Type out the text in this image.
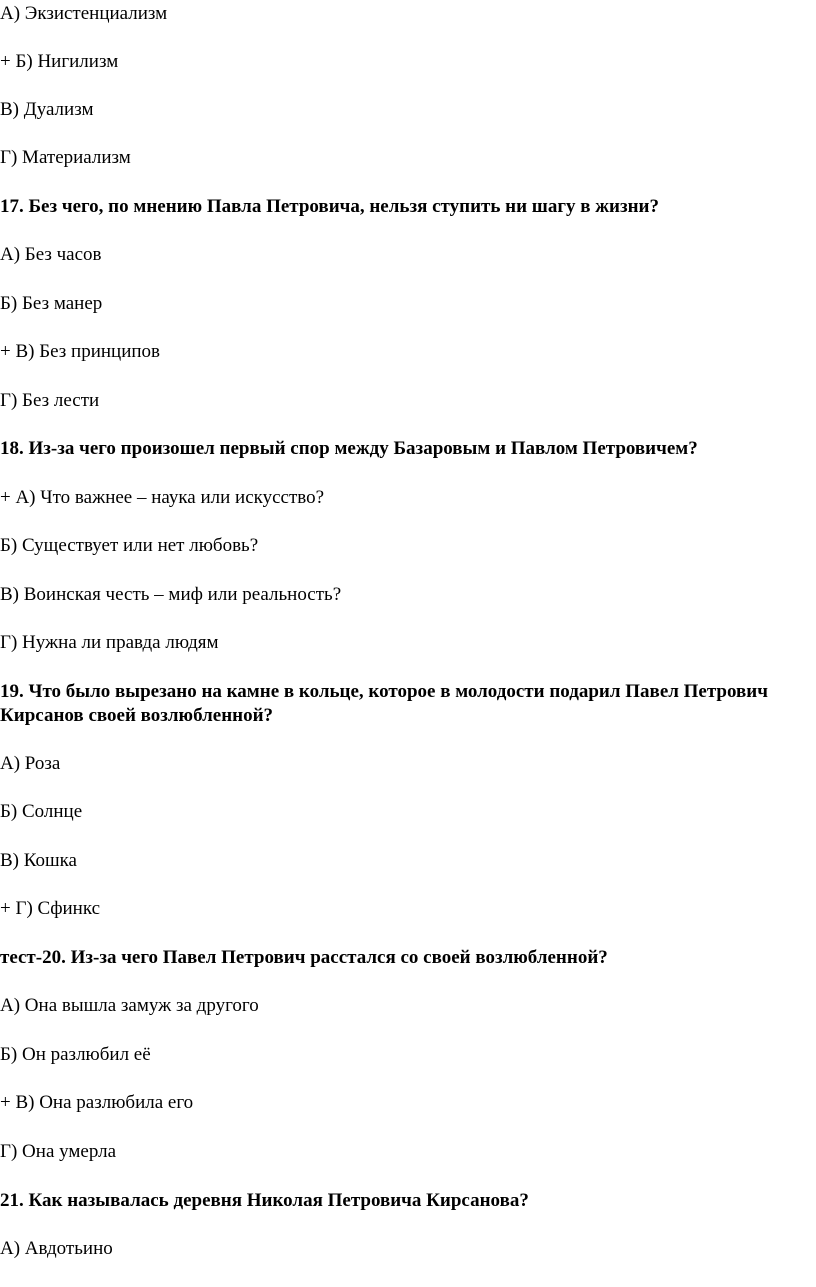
А) Экзистенциализм
+ Б) Нигилизм
В) Дуализм
Г) Материализм
17. Без чего, по мнению Павла Петровича, нельзя ступить ни шагу в жизни?
А) Без часов
Б) Без манер
+ В) Без принципов
Г) Без лести
18. Из-за чего произошел первый спор между Базаровым и Павлом Петровичем?
+ А) Что важнее – наука или искусство?
Б) Существует или нет любовь?
В) Воинская честь – миф или реальность?
Г) Нужна ли правда людям
19. Что было вырезано на камне в кольце, которое в молодости подарил Павел Петрович Кирсанов своей возлюбленной?
А) Роза
Б) Солнце
В) Кошка
+ Г) Сфинкс
тест-20. Из-за чего Павел Петрович расстался со своей возлюбленной?
А) Она вышла замуж за другого
Б) Он разлюбил её
+ В) Она разлюбила его
Г) Она умерла
21. Как называлась деревня Николая Петровича Кирсанова?
А) Авдотьино
